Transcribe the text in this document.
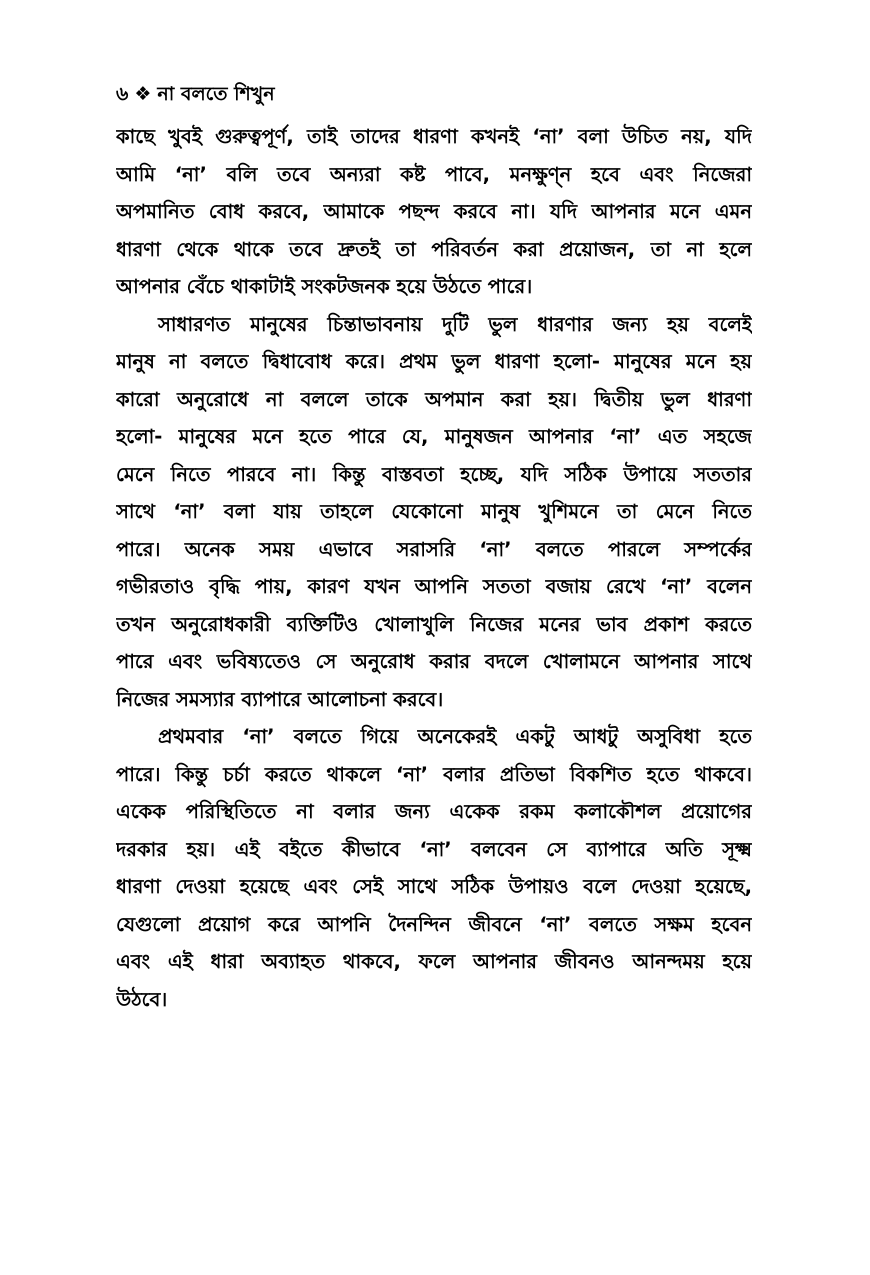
৬ ❖ না বলতে শিখুন
কাছে খুবই গুরুত্বপূর্ণ, তাই তাদের ধারণা কখনই ‘না’ বলা উচিত নয়, যদি
আমি ‘না’ বলি তবে অন্যরা কষ্ট পাবে, মনক্ষুণ্ন হবে এবং নিজেরা
অপমানিত বোধ করবে, আমাকে পছন্দ করবে না। যদি আপনার মনে এমন
ধারণা থেকে থাকে তবে দ্রুতই তা পরিবর্তন করা প্রয়োজন, তা না হলে
আপনার বেঁচে থাকাটাই সংকটজনক হয়ে উঠতে পারে।
সাধারণত মানুষের চিন্তাভাবনায় দুটি ভুল ধারণার জন্য হয় বলেই
মানুষ না বলতে দ্বিধাবোধ করে। প্রথম ভুল ধারণা হলো- মানুষের মনে হয়
কারো অনুরোধে না বললে তাকে অপমান করা হয়। দ্বিতীয় ভুল ধারণা
হলো- মানুষের মনে হতে পারে যে, মানুষজন আপনার ‘না’ এত সহজে
মেনে নিতে পারবে না। কিন্তু বাস্তবতা হচ্ছে, যদি সঠিক উপায়ে সততার
সাথে ‘না’ বলা যায় তাহলে যেকোনো মানুষ খুশিমনে তা মেনে নিতে
পারে। অনেক সময় এভাবে সরাসরি ‘না’ বলতে পারলে সম্পর্কের
গভীরতাও বৃদ্ধি পায়, কারণ যখন আপনি সততা বজায় রেখে ‘না’ বলেন
তখন অনুরোধকারী ব্যক্তিটিও খোলাখুলি নিজের মনের ভাব প্রকাশ করতে
পারে এবং ভবিষ্যতেও সে অনুরোধ করার বদলে খোলামনে আপনার সাথে
নিজের সমস্যার ব্যাপারে আলোচনা করবে।
প্রথমবার ‘না’ বলতে গিয়ে অনেকেরই একটু আধটু অসুবিধা হতে
পারে। কিন্তু চর্চা করতে থাকলে ‘না’ বলার প্রতিভা বিকশিত হতে থাকবে।
একেক পরিস্থিতিতে না বলার জন্য একেক রকম কলাকৌশল প্রয়োগের
দরকার হয়। এই বইতে কীভাবে ‘না’ বলবেন সে ব্যাপারে অতি সূক্ষ্ম
ধারণা দেওয়া হয়েছে এবং সেই সাথে সঠিক উপায়ও বলে দেওয়া হয়েছে,
যেগুলো প্রয়োগ করে আপনি দৈনন্দিন জীবনে ‘না’ বলতে সক্ষম হবেন
এবং এই ধারা অব্যাহত থাকবে, ফলে আপনার জীবনও আনন্দময় হয়ে
উঠবে।
